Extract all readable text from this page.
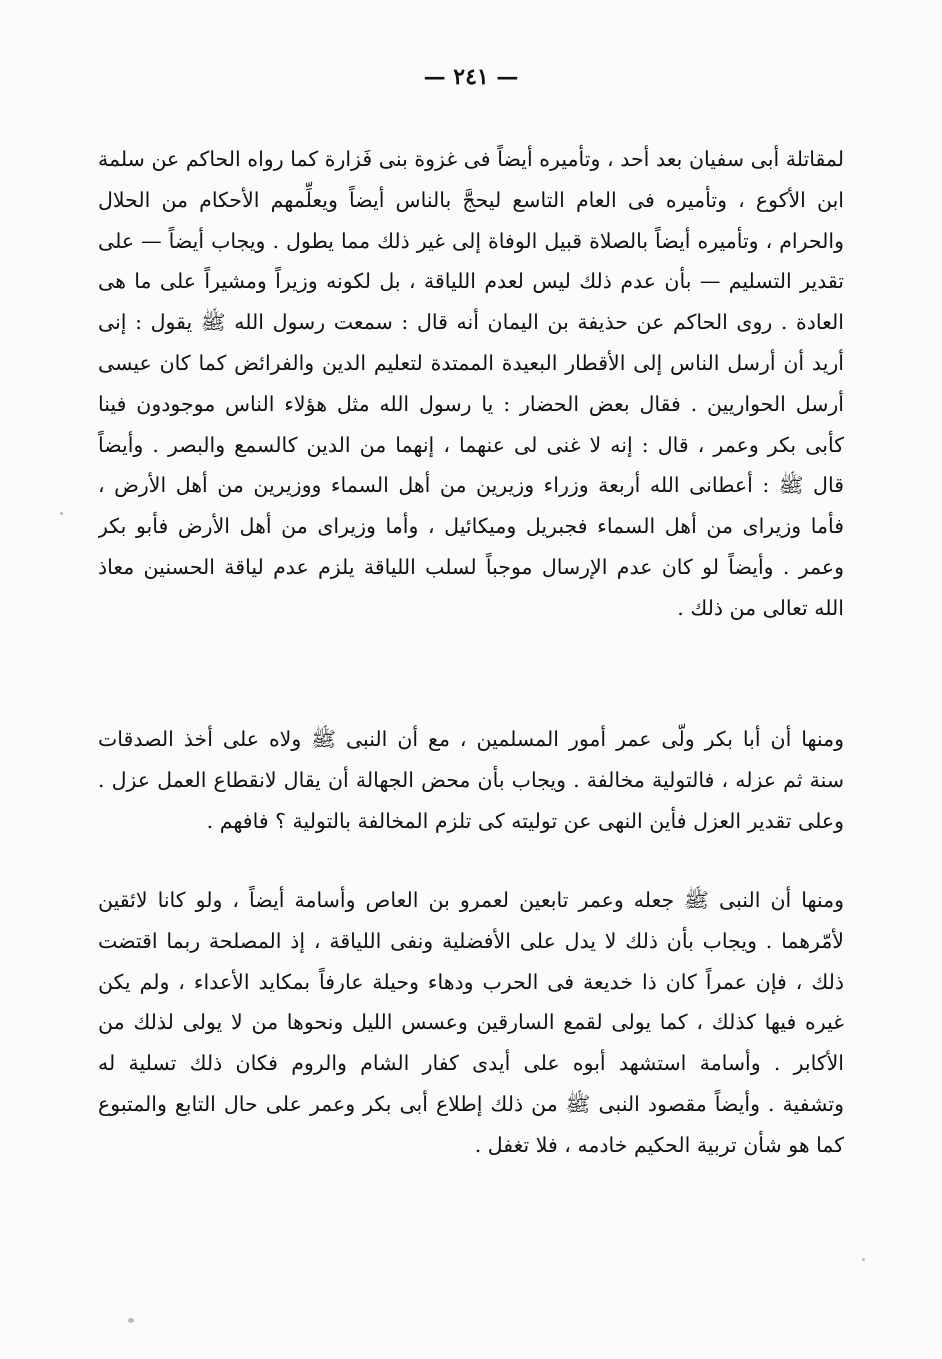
— ٢٤١ —
لمقاتلة أبى سفيان بعد أحد ، وتأميره أيضاً فى غزوة بنى فَزارة كما رواه الحاكم عن سلمة
ابن الأكوع ، وتأميره فى العام التاسع ليحجَّ بالناس أيضاً ويعلِّمهم الأحكام من الحلال
والحرام ، وتأميره أيضاً بالصلاة قبيل الوفاة إلى غير ذلك مما يطول . ويجاب أيضاً — على
تقدير التسليم — بأن عدم ذلك ليس لعدم اللياقة ، بل لكونه وزيراً ومشيراً على ما هى
العادة . روى الحاكم عن حذيفة بن اليمان أنه قال : سمعت رسول الله ﷺ يقول : إنى
أريد أن أرسل الناس إلى الأقطار البعيدة الممتدة لتعليم الدين والفرائض كما كان عيسى
أرسل الحواريين . فقال بعض الحضار : يا رسول الله مثل هؤلاء الناس موجودون فينا
كأبى بكر وعمر ، قال : إنه لا غنى لى عنهما ، إنهما من الدين كالسمع والبصر . وأيضاً
قال ﷺ : أعطانى الله أربعة وزراء وزيرين من أهل السماء ووزيرين من أهل الأرض ،
فأما وزيراى من أهل السماء فجبريل وميكائيل ، وأما وزيراى من أهل الأرض فأبو بكر
وعمر . وأيضاً لو كان عدم الإرسال موجباً لسلب اللياقة يلزم عدم لياقة الحسنين معاذ
الله تعالى من ذلك .
ومنها أن أبا بكر ولّى عمر أمور المسلمين ، مع أن النبى ﷺ ولاه على أخذ الصدقات
سنة ثم عزله ، فالتولية مخالفة . ويجاب بأن محض الجهالة أن يقال لانقطاع العمل عزل .
وعلى تقدير العزل فأين النهى عن توليته كى تلزم المخالفة بالتولية ؟ فافهم .
ومنها أن النبى ﷺ جعله وعمر تابعين لعمرو بن العاص وأسامة أيضاً ، ولو كانا لائقين
لأمّرهما . ويجاب بأن ذلك لا يدل على الأفضلية ونفى اللياقة ، إذ المصلحة ربما اقتضت
ذلك ، فإن عمراً كان ذا خديعة فى الحرب ودهاء وحيلة عارفاً بمكايد الأعداء ، ولم يكن
غيره فيها كذلك ، كما يولى لقمع السارقين وعسس الليل ونحوها من لا يولى لذلك من
الأكابر . وأسامة استشهد أبوه على أيدى كفار الشام والروم فكان ذلك تسلية له
وتشفية . وأيضاً مقصود النبى ﷺ من ذلك إطلاع أبى بكر وعمر على حال التابع والمتبوع
كما هو شأن تربية الحكيم خادمه ، فلا تغفل .
